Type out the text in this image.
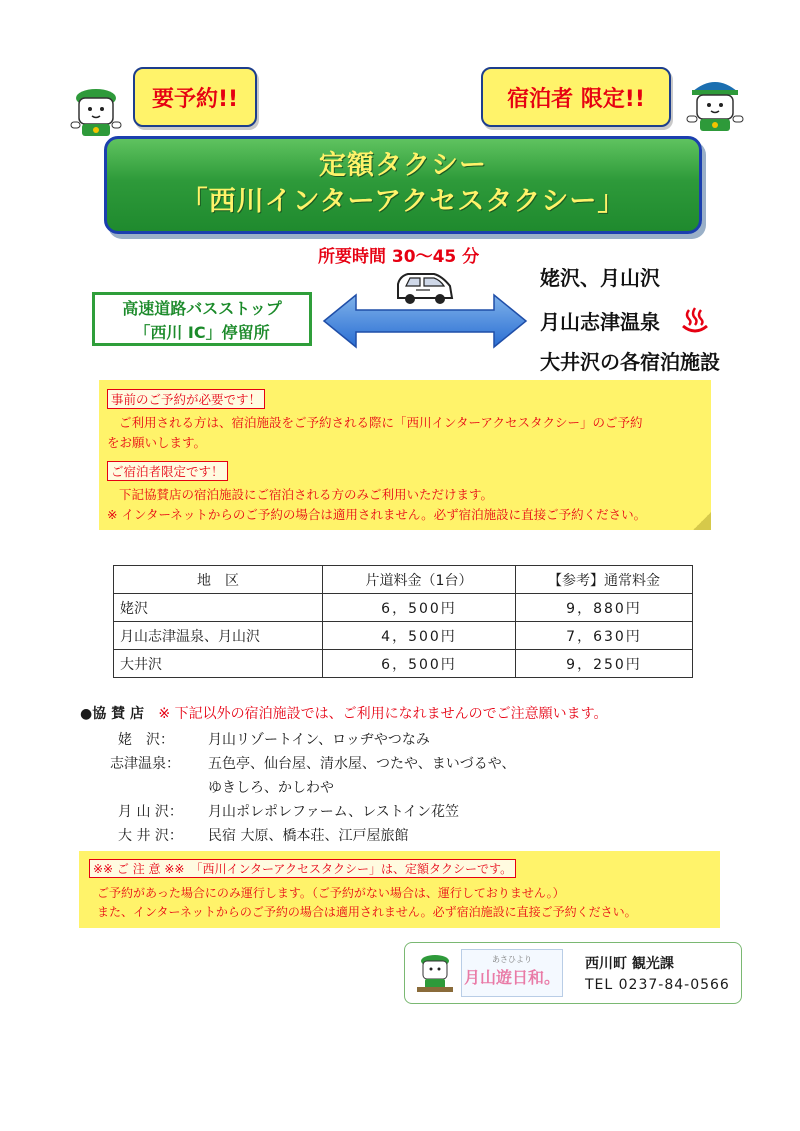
要予約!!	宿泊者 限定!!
定額タクシー
「西川インターアクセスタクシー」
所要時間 30～45 分
高速道路バスストップ
「西川 IC」停留所
姥沢、月山沢
月山志津温泉
大井沢の各宿泊施設
事前のご予約が必要です！
ご利用される方は、宿泊施設をご予約される際に「西川インターアクセスタクシー」のご予約
をお願いします。
ご宿泊者限定です！
下記協賛店の宿泊施設にご宿泊される方のみご利用いただけます。
※ インターネットからのご予約の場合は適用されません。必ず宿泊施設に直接ご予約ください。
地　区	片道料金（1台）	【参考】通常料金
姥沢	6，500円	9，880円
月山志津温泉、月山沢	4，500円	7，630円
大井沢	6，500円	9，250円
●協 賛 店 ※ 下記以外の宿泊施設では、ご利用になれませんのでご注意願います。
姥　沢： 月山リゾートイン、ロッヂやつなみ
志津温泉： 五色亭、仙台屋、清水屋、つたや、まいづるや、
ゆきしろ、かしわや
月 山 沢： 月山ポレポレファーム、レストイン花笠
大 井 沢： 民宿 大原、橋本荘、江戸屋旅館
※※ ご 注 意 ※※　「西川インターアクセスタクシー」は、定額タクシーです。
ご予約があった場合にのみ運行します。（ご予約がない場合は、運行しておりません。）
また、インターネットからのご予約の場合は適用されません。必ず宿泊施設に直接ご予約ください。
あさひより
月山遊日和。
西川町 観光課
TEL 0237-84-0566
